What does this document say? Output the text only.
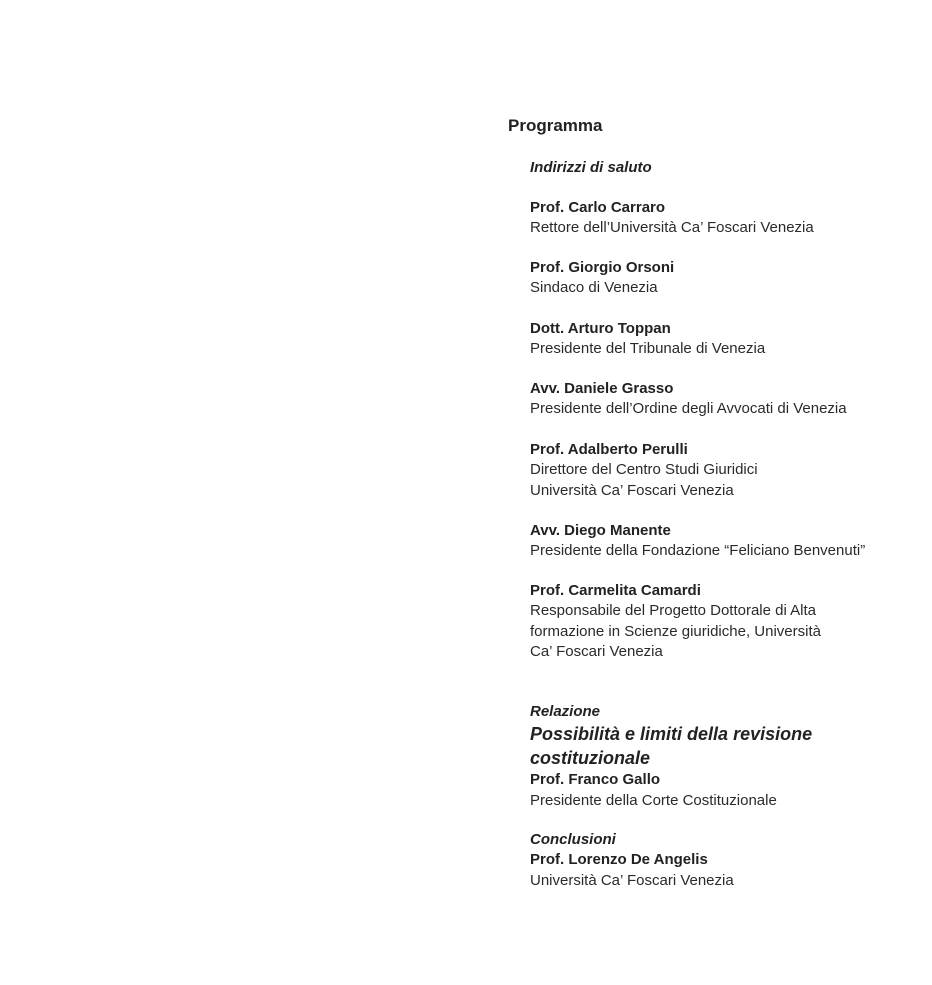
Programma
Indirizzi di saluto
Prof. Carlo Carraro
Rettore dell’Università Ca’ Foscari Venezia
Prof. Giorgio Orsoni
Sindaco di Venezia
Dott. Arturo Toppan
Presidente del Tribunale di Venezia
Avv. Daniele Grasso
Presidente dell’Ordine degli Avvocati di Venezia
Prof. Adalberto Perulli
Direttore del Centro Studi Giuridici
Università Ca’ Foscari Venezia
Avv. Diego Manente
Presidente della Fondazione “Feliciano Benvenuti”
Prof. Carmelita Camardi
Responsabile del Progetto Dottorale di Alta
formazione in Scienze giuridiche, Università
Ca’ Foscari Venezia
Relazione
Possibilità e limiti della revisione
costituzionale
Prof. Franco Gallo
Presidente della Corte Costituzionale
Conclusioni
Prof. Lorenzo De Angelis
Università Ca’ Foscari Venezia
